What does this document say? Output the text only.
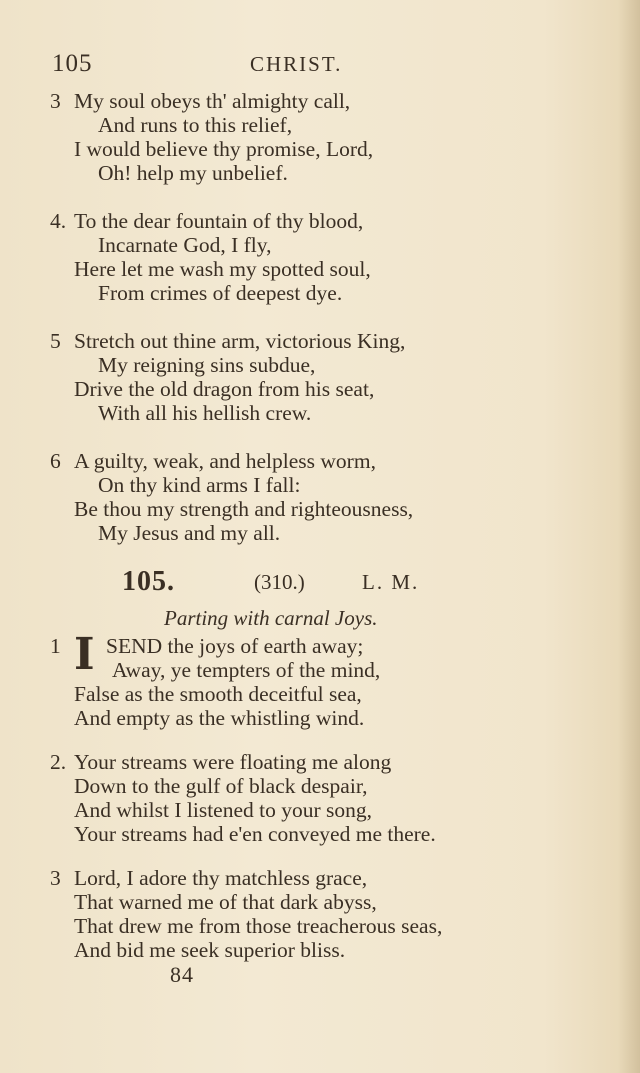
105	CHRIST.
3 My soul obeys th' almighty call,
And runs to this relief,
I would believe thy promise, Lord,
Oh! help my unbelief.
4. To the dear fountain of thy blood,
Incarnate God, I fly,
Here let me wash my spotted soul,
From crimes of deepest dye.
5 Stretch out thine arm, victorious King,
My reigning sins subdue,
Drive the old dragon from his seat,
With all his hellish crew.
6 A guilty, weak, and helpless worm,
On thy kind arms I fall:
Be thou my strength and righteousness,
My Jesus and my all.
105.	(310.)	L. M.
Parting with carnal Joys.
I
1 SEND the joys of earth away;
Away, ye tempters of the mind,
False as the smooth deceitful sea,
And empty as the whistling wind.
2. Your streams were floating me along
Down to the gulf of black despair,
And whilst I listened to your song,
Your streams had e'en conveyed me there.
3 Lord, I adore thy matchless grace,
That warned me of that dark abyss,
That drew me from those treacherous seas,
And bid me seek superior bliss.
84
